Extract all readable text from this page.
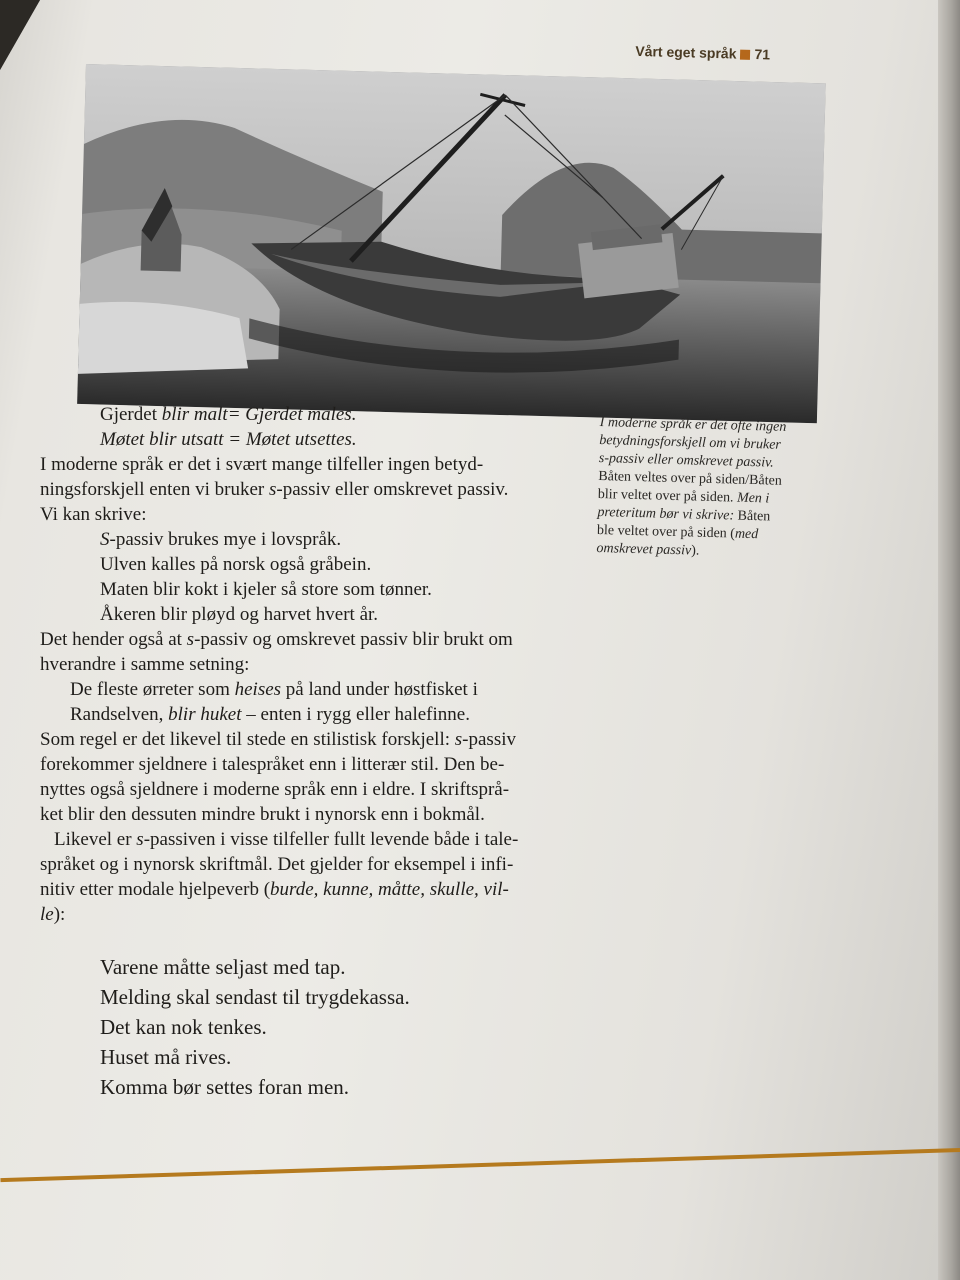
Vårt eget språk 71
I moderne språk er det ofte ingen
betydningsforskjell om vi bruker
s-passiv eller omskrevet passiv.
Båten veltes over på siden/Båten
blir veltet over på siden. Men i
preteritum bør vi skrive: Båten
ble veltet over på siden (med
omskrevet passiv).
Gjerdet blir malt= Gjerdet males.
Møtet blir utsatt = Møtet utsettes.
I moderne språk er det i svært mange tilfeller ingen betyd-
ningsforskjell enten vi bruker s-passiv eller omskrevet passiv.
Vi kan skrive:
S-passiv brukes mye i lovspråk.
Ulven kalles på norsk også gråbein.
Maten blir kokt i kjeler så store som tønner.
Åkeren blir pløyd og harvet hvert år.
Det hender også at s-passiv og omskrevet passiv blir brukt om
hverandre i samme setning:
De fleste ørreter som heises på land under høstfisket i
Randselven, blir huket – enten i rygg eller halefinne.
Som regel er det likevel til stede en stilistisk forskjell: s-passiv
forekommer sjeldnere i talespråket enn i litterær stil. Den be-
nyttes også sjeldnere i moderne språk enn i eldre. I skriftsprå-
ket blir den dessuten mindre brukt i nynorsk enn i bokmål.
Likevel er s-passiven i visse tilfeller fullt levende både i tale-
språket og i nynorsk skriftmål. Det gjelder for eksempel i infi-
nitiv etter modale hjelpeverb (burde, kunne, måtte, skulle, vil-
le):

Varene måtte seljast med tap.
Melding skal sendast til trygdekassa.
Det kan nok tenkes.
Huset må rives.
Komma bør settes foran men.
